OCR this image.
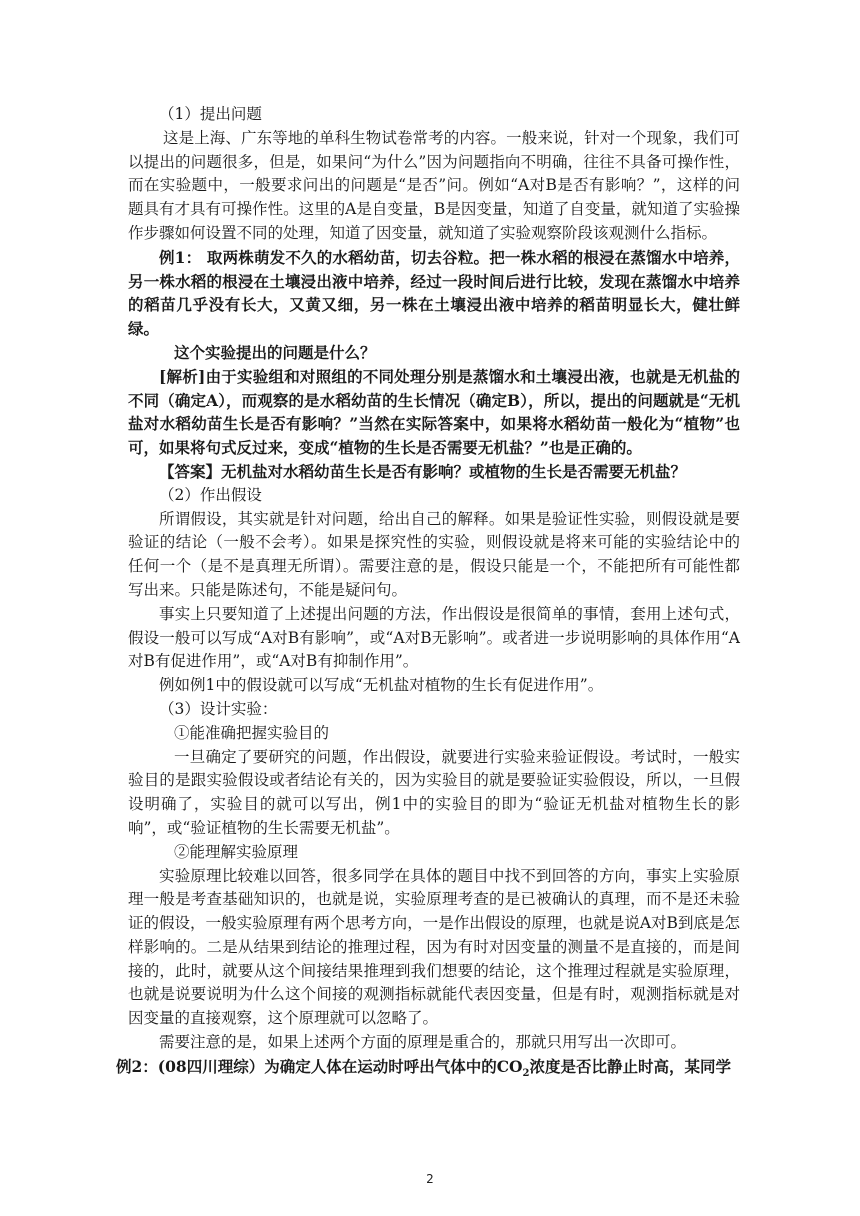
（1）提出问题

这是上海、广东等地的单科生物试卷常考的内容。一般来说，针对一个现象，我们可以提出的问题很多，但是，如果问“为什么”因为问题指向不明确，往往不具备可操作性，而在实验题中，一般要求问出的问题是“是否”问。例如“A对B是否有影响？”，这样的问题具有才具有可操作性。这里的A是自变量，B是因变量，知道了自变量，就知道了实验操作步骤如何设置不同的处理，知道了因变量，就知道了实验观察阶段该观测什么指标。

例1： 取两株萌发不久的水稻幼苗，切去谷粒。把一株水稻的根浸在蒸馏水中培养，另一株水稻的根浸在土壤浸出液中培养，经过一段时间后进行比较，发现在蒸馏水中培养的稻苗几乎没有长大，又黄又细，另一株在土壤浸出液中培养的稻苗明显长大，健壮鲜绿。

这个实验提出的问题是什么？

[解析]由于实验组和对照组的不同处理分别是蒸馏水和土壤浸出液，也就是无机盐的不同（确定A），而观察的是水稻幼苗的生长情况（确定B），所以，提出的问题就是“无机盐对水稻幼苗生长是否有影响？”当然在实际答案中，如果将水稻幼苗一般化为“植物”也可，如果将句式反过来，变成“植物的生长是否需要无机盐？”也是正确的。

【答案】无机盐对水稻幼苗生长是否有影响？或植物的生长是否需要无机盐？

（2）作出假设

所谓假设，其实就是针对问题，给出自己的解释。如果是验证性实验，则假设就是要验证的结论（一般不会考）。如果是探究性的实验，则假设就是将来可能的实验结论中的任何一个（是不是真理无所谓）。需要注意的是，假设只能是一个，不能把所有可能性都写出来。只能是陈述句，不能是疑问句。

事实上只要知道了上述提出问题的方法，作出假设是很简单的事情，套用上述句式，假设一般可以写成“A对B有影响”，或“A对B无影响”。或者进一步说明影响的具体作用“A对B有促进作用”，或“A对B有抑制作用”。

例如例1中的假设就可以写成“无机盐对植物的生长有促进作用”。

（3）设计实验：

①能准确把握实验目的

一旦确定了要研究的问题，作出假设，就要进行实验来验证假设。考试时，一般实验目的是跟实验假设或者结论有关的，因为实验目的就是要验证实验假设，所以，一旦假设明确了，实验目的就可以写出，例1中的实验目的即为“验证无机盐对植物生长的影响”，或“验证植物的生长需要无机盐”。

②能理解实验原理

实验原理比较难以回答，很多同学在具体的题目中找不到回答的方向，事实上实验原理一般是考查基础知识的，也就是说，实验原理考查的是已被确认的真理，而不是还未验证的假设，一般实验原理有两个思考方向，一是作出假设的原理，也就是说A对B到底是怎样影响的。二是从结果到结论的推理过程，因为有时对因变量的测量不是直接的，而是间接的，此时，就要从这个间接结果推理到我们想要的结论，这个推理过程就是实验原理，也就是说要说明为什么这个间接的观测指标就能代表因变量，但是有时，观测指标就是对因变量的直接观察，这个原理就可以忽略了。

需要注意的是，如果上述两个方面的原理是重合的，那就只用写出一次即可。

例2：(08四川理综）为确定人体在运动时呼出气体中的$CO_2$浓度是否比静止时高，某同学

2
